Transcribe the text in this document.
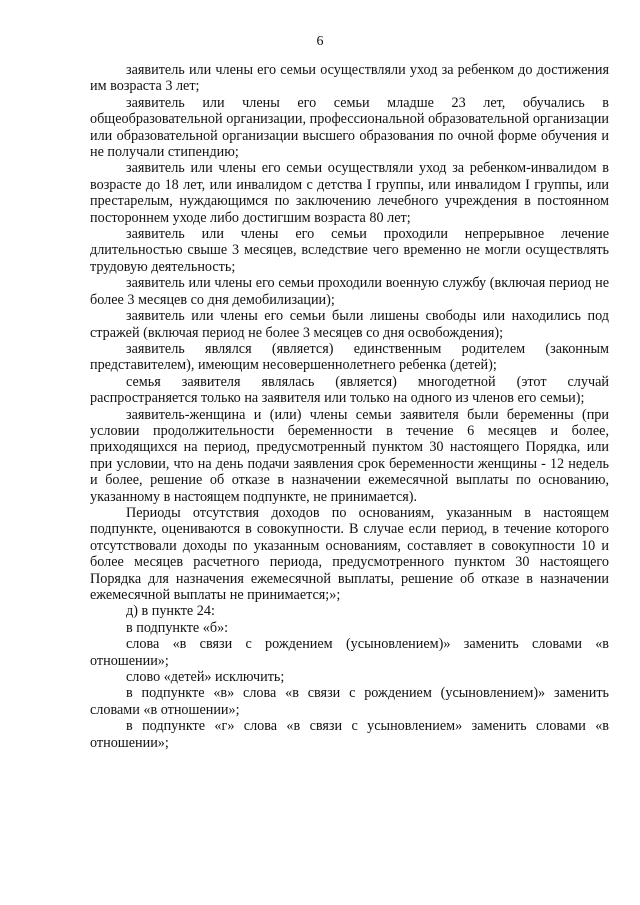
6

заявитель или члены его семьи осуществляли уход за ребенком до достижения им возраста 3 лет;

заявитель или члены его семьи младше 23 лет, обучались в общеобразовательной организации, профессиональной образовательной организации или образовательной организации высшего образования по очной форме обучения и не получали стипендию;

заявитель или члены его семьи осуществляли уход за ребенком-инвалидом в возрасте до 18 лет, или инвалидом с детства I группы, или инвалидом I группы, или престарелым, нуждающимся по заключению лечебного учреждения в постоянном постороннем уходе либо достигшим возраста 80 лет;

заявитель или члены его семьи проходили непрерывное лечение длительностью свыше 3 месяцев, вследствие чего временно не могли осуществлять трудовую деятельность;

заявитель или члены его семьи проходили военную службу (включая период не более 3 месяцев со дня демобилизации);

заявитель или члены его семьи были лишены свободы или находились под стражей (включая период не более 3 месяцев со дня освобождения);

заявитель являлся (является) единственным родителем (законным представителем), имеющим несовершеннолетнего ребенка (детей);

семья заявителя являлась (является) многодетной (этот случай распространяется только на заявителя или только на одного из членов его семьи);

заявитель-женщина и (или) члены семьи заявителя были беременны (при условии продолжительности беременности в течение 6 месяцев и более, приходящихся на период, предусмотренный пунктом 30 настоящего Порядка, или при условии, что на день подачи заявления срок беременности женщины - 12 недель и более, решение об отказе в назначении ежемесячной выплаты по основанию, указанному в настоящем подпункте, не принимается).

Периоды отсутствия доходов по основаниям, указанным в настоящем подпункте, оцениваются в совокупности. В случае если период, в течение которого отсутствовали доходы по указанным основаниям, составляет в совокупности 10 и более месяцев расчетного периода, предусмотренного пунктом 30 настоящего Порядка для назначения ежемесячной выплаты, решение об отказе в назначении ежемесячной выплаты не принимается;»;

д) в пункте 24:

в подпункте «б»:

слова «в связи с рождением (усыновлением)» заменить словами «в отношении»;

слово «детей» исключить;

в подпункте «в» слова «в связи с рождением (усыновлением)» заменить словами «в отношении»;

в подпункте «г» слова «в связи с усыновлением» заменить словами «в отношении»;
